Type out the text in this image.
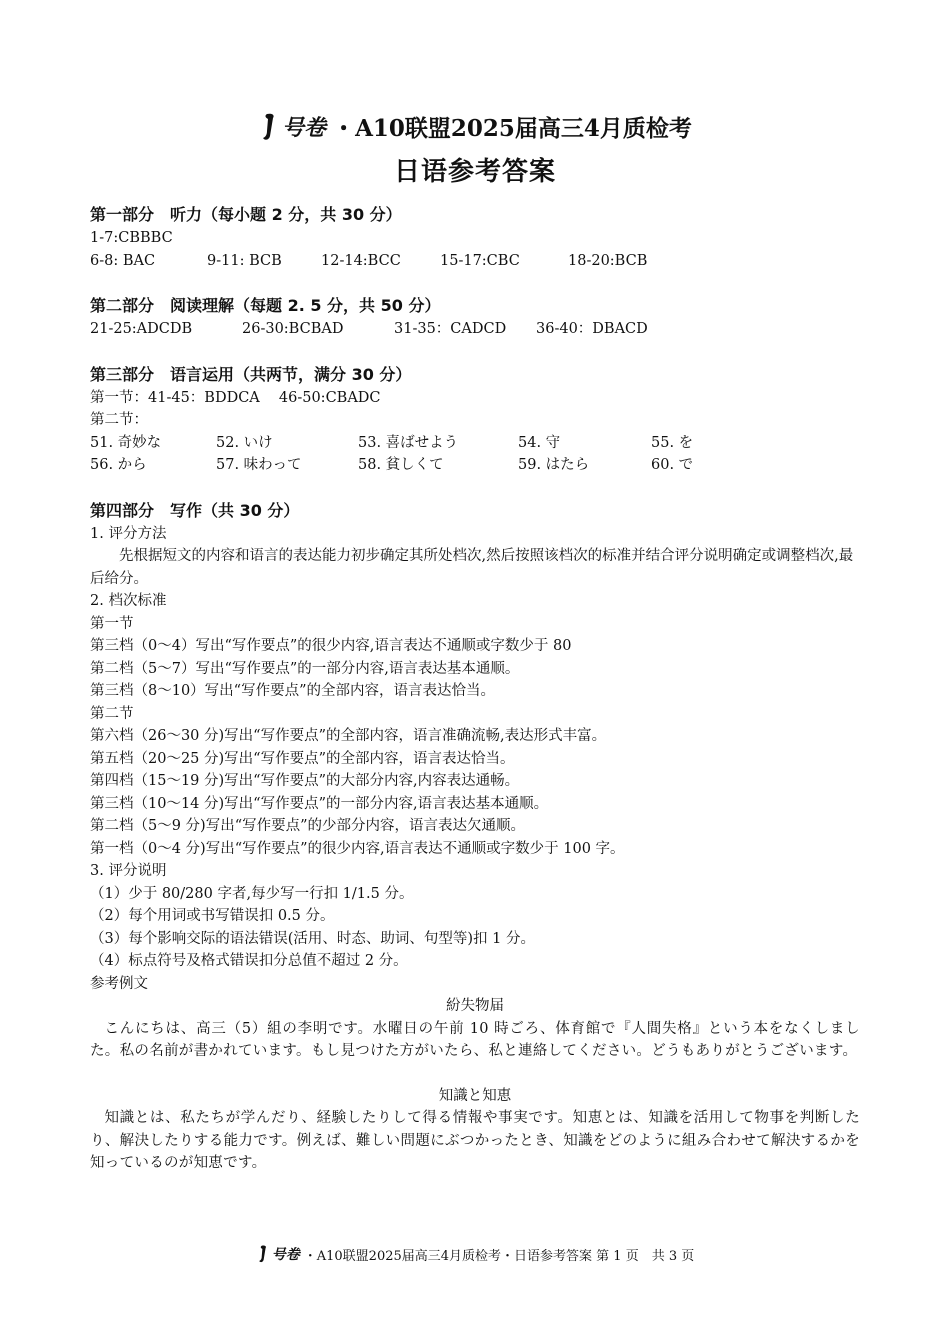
号卷 ・A10联盟2025届高三4月质检考
日语参考答案
第一部分　听力（每小题 2 分，共 30 分）
1-7:CBBBC
6-8: BAC	9-11: BCB	12-14:BCC	15-17:CBC	18-20:BCB
第二部分　阅读理解（每题 2. 5 分，共 50 分）
21-25:ADCDB	26-30:BCBAD	31-35：CADCD	36-40：DBACD
第三部分　语言运用（共两节，满分 30 分）
第一节：41-45：BDDCA　 46-50:CBADC
第二节：
51. 奇妙な	52. いけ	53. 喜ばせよう	54. 守	55. を
56. から	57. 味わって	58. 貧しくて	59. はたら	60. で
第四部分　写作（共 30 分）
1. 评分方法
先根据短文的内容和语言的表达能力初步确定其所处档次,然后按照该档次的标准并结合评分说明确定或调整档次,最后给分。
2. 档次标准
第一节
第三档（0～4）写出“写作要点”的很少内容,语言表达不通顺或字数少于 80
第二档（5～7）写出“写作要点”的一部分内容,语言表达基本通顺。
第三档（8～10）写出“写作要点”的全部内容，语言表达恰当。
第二节
第六档（26～30 分)写出“写作要点”的全部内容，语言准确流畅,表达形式丰富。
第五档（20～25 分)写出“写作要点”的全部内容，语言表达恰当。
第四档（15～19 分)写出“写作要点”的大部分内容,内容表达通畅。
第三档（10～14 分)写出“写作要点”的一部分内容,语言表达基本通顺。
第二档（5～9 分)写出“写作要点”的少部分内容，语言表达欠通顺。
第一档（0～4 分)写出“写作要点”的很少内容,语言表达不通顺或字数少于 100 字。
3. 评分说明
（1）少于 80/280 字者,每少写一行扣 1/1.5 分。
（2）每个用词或书写错误扣 0.5 分。
（3）每个影响交际的语法错误(活用、时态、助词、句型等)扣 1 分。
（4）标点符号及格式错误扣分总值不超过 2 分。
参考例文
紛失物届
こんにちは、高三（5）組の李明です。水曜日の午前 10 時ごろ、体育館で『人間失格』という本をなくしました。私の名前が書かれています。もし見つけた方がいたら、私と連絡してください。どうもありがとうございます。
知識と知恵
知識とは、私たちが学んだり、経験したりして得る情報や事実です。知恵とは、知識を活用して物事を判断したり、解決したりする能力です。例えば、難しい問題にぶつかったとき、知識をどのように組み合わせて解決するかを知っているのが知恵です。
号卷 ・A10联盟2025届高三4月质检考・日语参考答案 第 1 页　共 3 页
